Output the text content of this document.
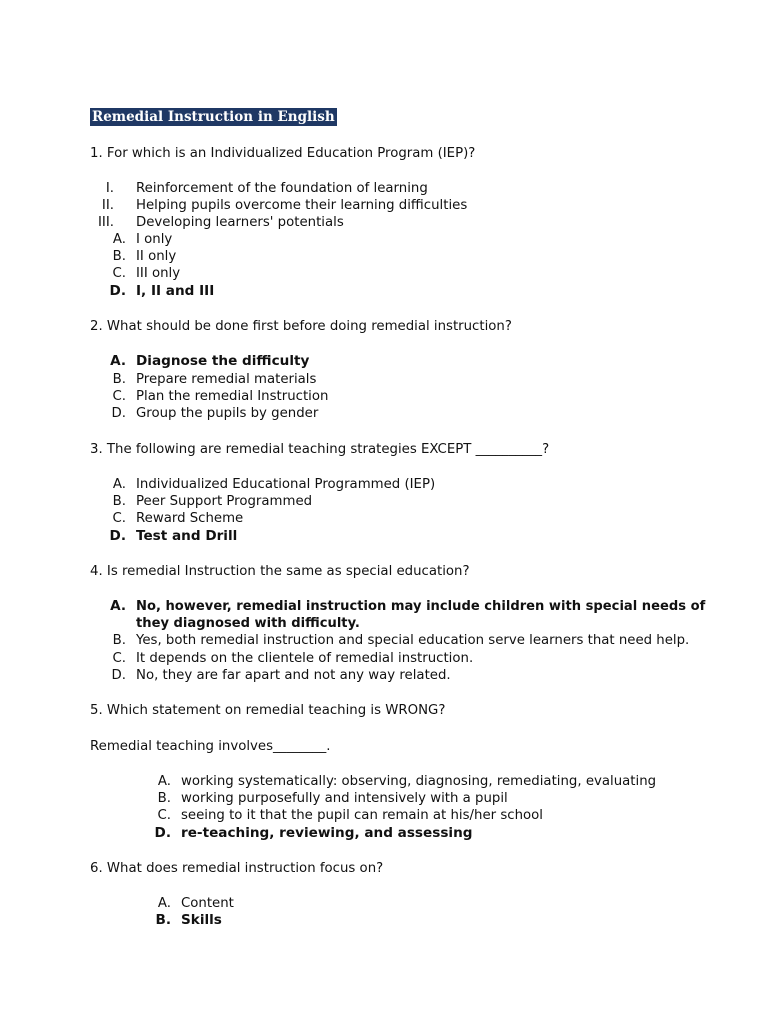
Remedial Instruction in English
1. For which is an Individualized Education Program (IEP)?
I. Reinforcement of the foundation of learning
II. Helping pupils overcome their learning difficulties
III. Developing learners' potentials
A. I only
B. II only
C. III only
D. I, II and III
2. What should be done first before doing remedial instruction?
A. Diagnose the difficulty
B. Prepare remedial materials
C. Plan the remedial Instruction
D. Group the pupils by gender
3. The following are remedial teaching strategies EXCEPT __________?
A. Individualized Educational Programmed (IEP)
B. Peer Support Programmed
C. Reward Scheme
D. Test and Drill
4. Is remedial Instruction the same as special education?
A. No, however, remedial instruction may include children with special needs of
they diagnosed with difficulty.
B. Yes, both remedial instruction and special education serve learners that need help.
C. It depends on the clientele of remedial instruction.
D. No, they are far apart and not any way related.
5. Which statement on remedial teaching is WRONG?
Remedial teaching involves________.
A. working systematically: observing, diagnosing, remediating, evaluating
B. working purposefully and intensively with a pupil
C. seeing to it that the pupil can remain at his/her school
D. re-teaching, reviewing, and assessing
6. What does remedial instruction focus on?
A. Content
B. Skills
